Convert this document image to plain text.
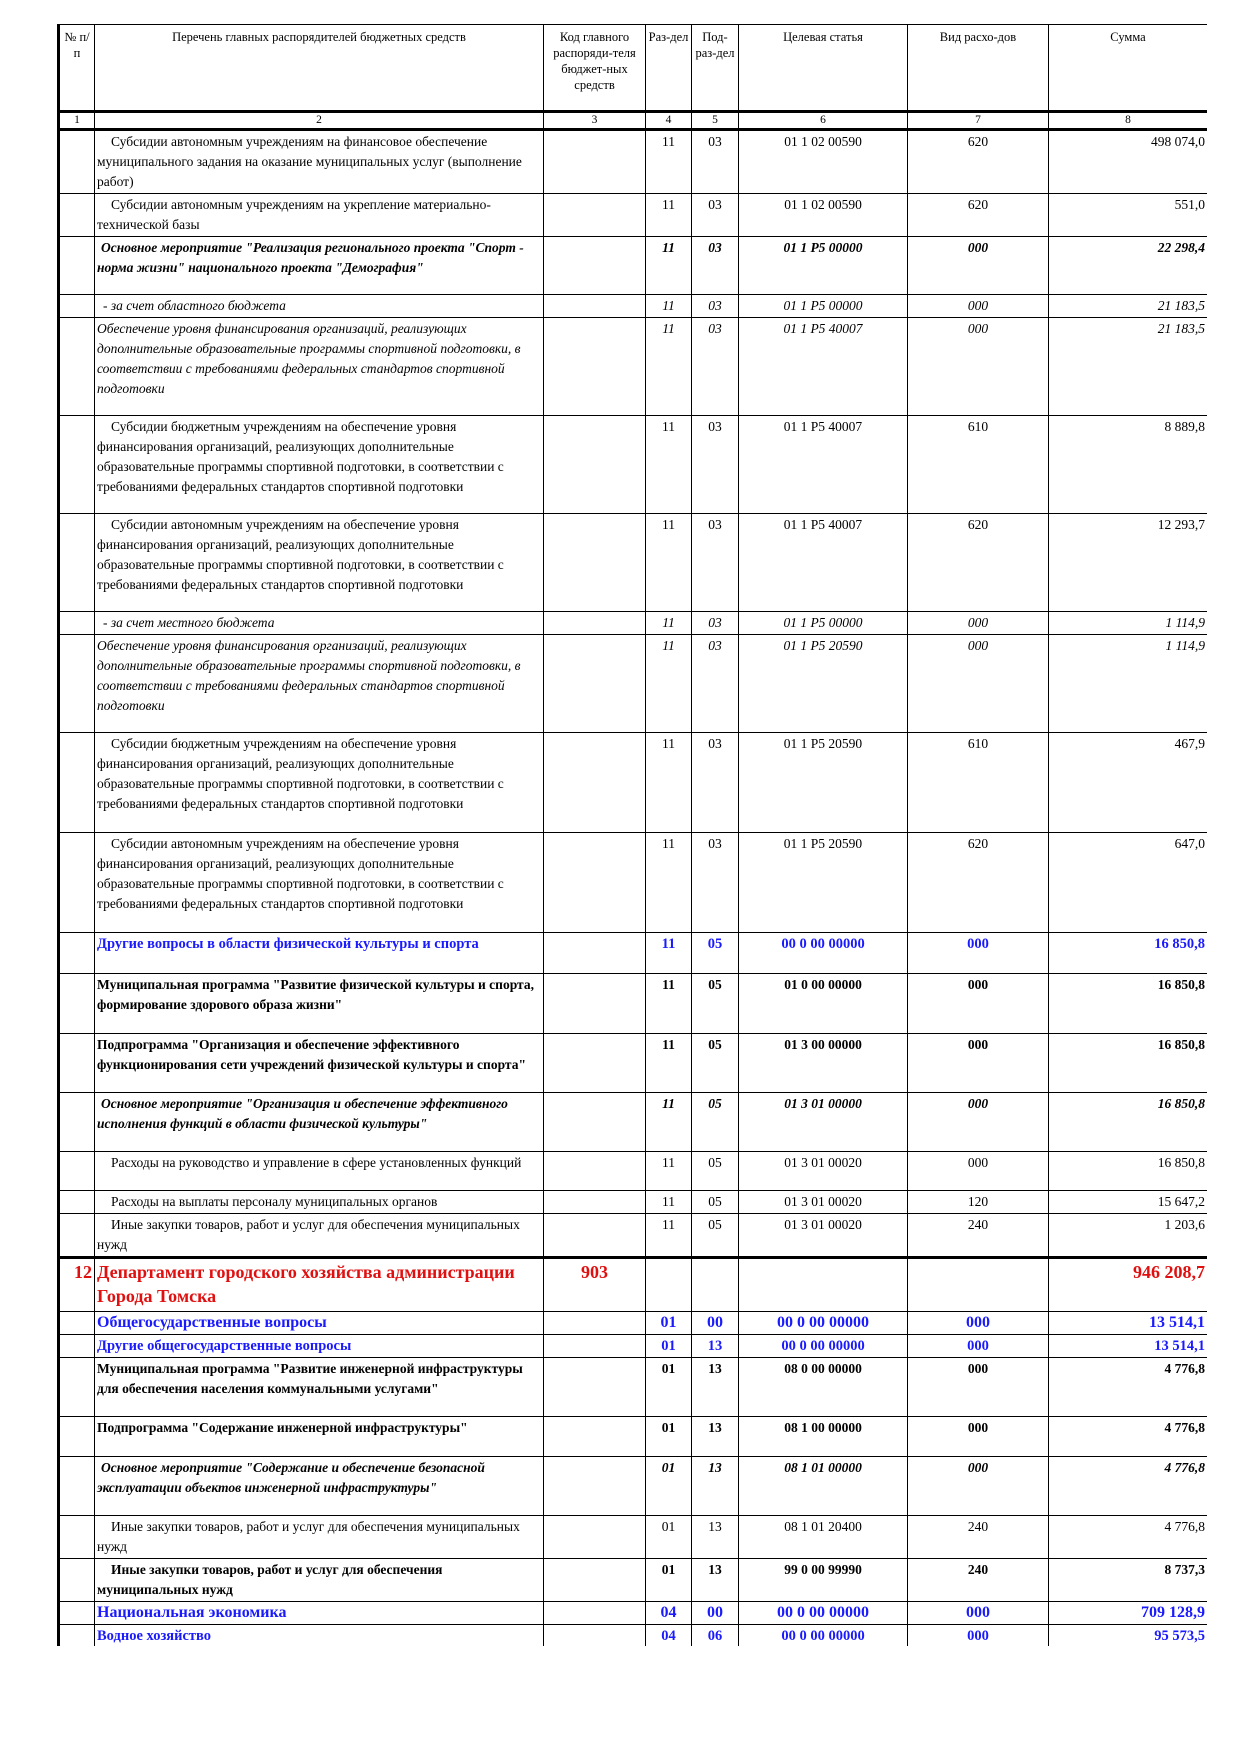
№ п/п	Перечень главных распорядителей бюджетных средств	Код главного распоряди-теля бюджет-ных средств	Раз-дел	Под-раз-дел	Целевая статья	Вид расхо-дов	Сумма
1	2	3	4	5	6	7	8
	Субсидии автономным учреждениям на финансовое обеспечение муниципального задания на оказание муниципальных услуг (выполнение работ)		11	03	01 1 02 00590	620	498 074,0
	Субсидии автономным учреждениям на укрепление материально-технической базы		11	03	01 1 02 00590	620	551,0
	Основное мероприятие "Реализация регионального проекта "Спорт - норма жизни" национального проекта "Демография"		11	03	01 1 P5 00000	000	22 298,4
	- за счет областного бюджета		11	03	01 1 P5 00000	000	21 183,5
	Обеспечение уровня финансирования организаций, реализующих дополнительные образовательные программы спортивной подготовки, в соответствии с требованиями федеральных стандартов спортивной подготовки		11	03	01 1 P5 40007	000	21 183,5
	Субсидии бюджетным учреждениям на обеспечение уровня финансирования организаций, реализующих дополнительные образовательные программы спортивной подготовки, в соответствии с требованиями федеральных стандартов спортивной подготовки		11	03	01 1 P5 40007	610	8 889,8
	Субсидии автономным учреждениям на обеспечение уровня финансирования организаций, реализующих дополнительные образовательные программы спортивной подготовки, в соответствии с требованиями федеральных стандартов спортивной подготовки		11	03	01 1 P5 40007	620	12 293,7
	- за счет местного бюджета		11	03	01 1 P5 00000	000	1 114,9
	Обеспечение уровня финансирования организаций, реализующих дополнительные образовательные программы спортивной подготовки, в соответствии с требованиями федеральных стандартов спортивной подготовки		11	03	01 1 P5 20590	000	1 114,9
	Субсидии бюджетным учреждениям на обеспечение уровня финансирования организаций, реализующих дополнительные образовательные программы спортивной подготовки, в соответствии с требованиями федеральных стандартов спортивной подготовки		11	03	01 1 P5 20590	610	467,9
	Субсидии автономным учреждениям на обеспечение уровня финансирования организаций, реализующих дополнительные образовательные программы спортивной подготовки, в соответствии с требованиями федеральных стандартов спортивной подготовки		11	03	01 1 P5 20590	620	647,0
	Другие вопросы в области физической культуры и спорта		11	05	00 0 00 00000	000	16 850,8
	Муниципальная программа "Развитие физической культуры и спорта, формирование здорового образа жизни"		11	05	01 0 00 00000	000	16 850,8
	Подпрограмма "Организация и обеспечение эффективного функционирования сети учреждений физической культуры и спорта"		11	05	01 3 00 00000	000	16 850,8
	Основное мероприятие "Организация и обеспечение эффективного исполнения функций в области физической культуры"		11	05	01 3 01 00000	000	16 850,8
	Расходы на руководство и управление в сфере установленных функций		11	05	01 3 01 00020	000	16 850,8
	Расходы на выплаты персоналу муниципальных органов		11	05	01 3 01 00020	120	15 647,2
	Иные закупки товаров, работ и услуг для обеспечения муниципальных нужд		11	05	01 3 01 00020	240	1 203,6
12	Департамент городского хозяйства администрации Города Томска	903					946 208,7
	Общегосударственные вопросы		01	00	00 0 00 00000	000	13 514,1
	Другие общегосударственные вопросы		01	13	00 0 00 00000	000	13 514,1
	Муниципальная программа "Развитие инженерной инфраструктуры для обеспечения населения коммунальными услугами"		01	13	08 0 00 00000	000	4 776,8
	Подпрограмма "Содержание инженерной инфраструктуры"		01	13	08 1 00 00000	000	4 776,8
	Основное мероприятие "Содержание и обеспечение безопасной эксплуатации объектов инженерной инфраструктуры"		01	13	08 1 01 00000	000	4 776,8
	Иные закупки товаров, работ и услуг для обеспечения муниципальных нужд		01	13	08 1 01 20400	240	4 776,8
	Иные закупки товаров, работ и услуг для обеспечения муниципальных нужд		01	13	99 0 00 99990	240	8 737,3
	Национальная экономика		04	00	00 0 00 00000	000	709 128,9
	Водное хозяйство		04	06	00 0 00 00000	000	95 573,5
